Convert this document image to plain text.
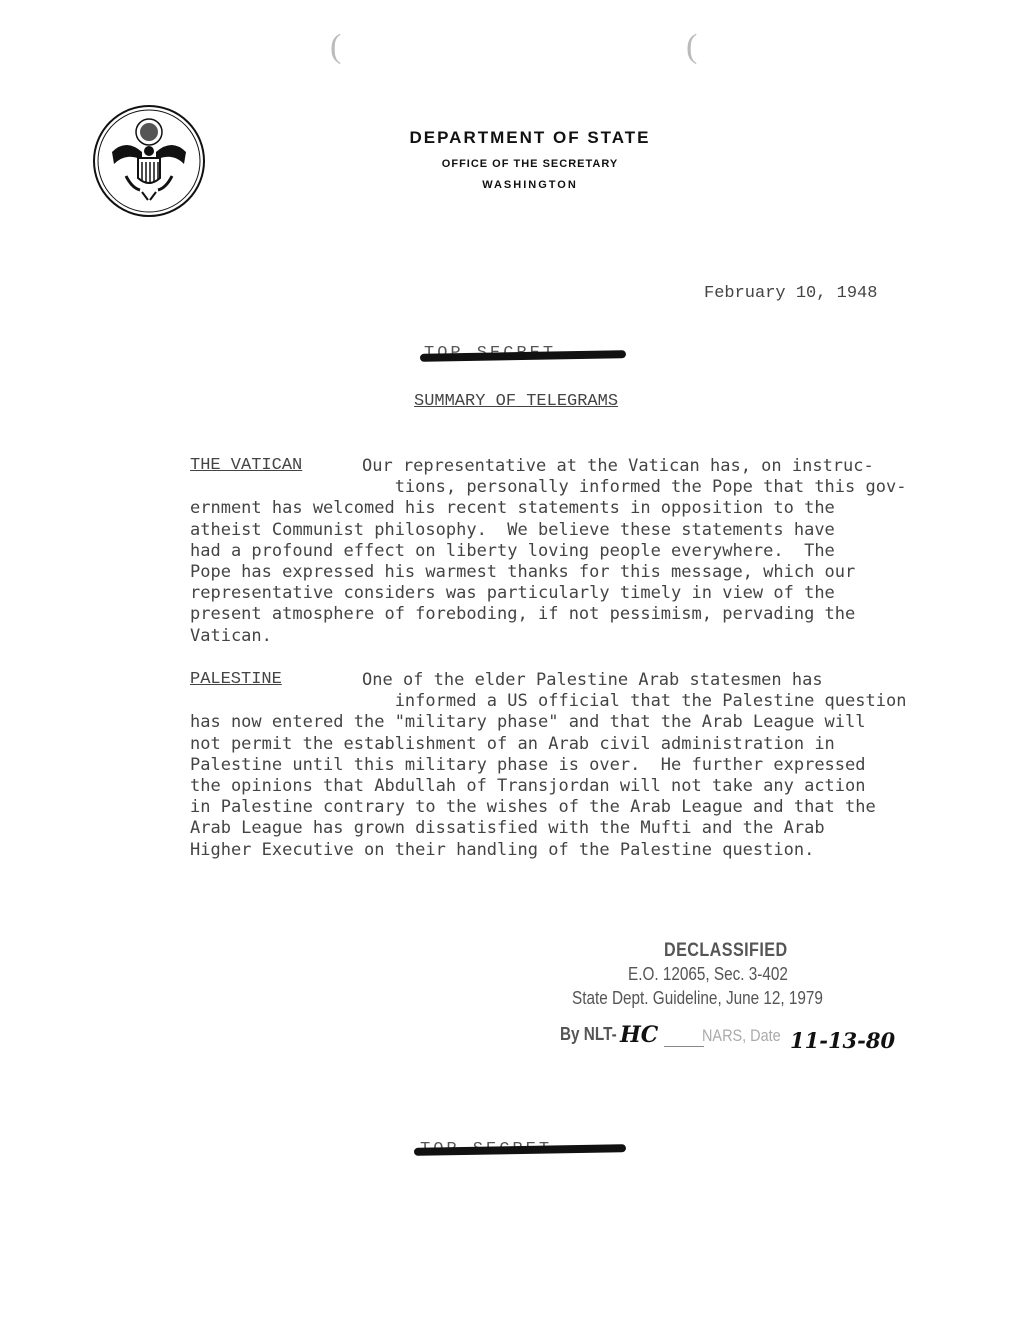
(	(
DEPARTMENT OF STATE
OFFICE OF THE SECRETARY
WASHINGTON
February 10, 1948
SUMMARY OF TELEGRAMS
THE VATICAN	Our representative at the Vatican has, on instruc-
tions, personally informed the Pope that this gov-
ernment has welcomed his recent statements in opposition to the
atheist Communist philosophy.  We believe these statements have
had a profound effect on liberty loving people everywhere.  The
Pope has expressed his warmest thanks for this message, which our
representative considers was particularly timely in view of the
present atmosphere of foreboding, if not pessimism, pervading the
Vatican.
PALESTINE	One of the elder Palestine Arab statesmen has
informed a US official that the Palestine question
has now entered the "military phase" and that the Arab League will
not permit the establishment of an Arab civil administration in
Palestine until this military phase is over.  He further expressed
the opinions that Abdullah of Transjordan will not take any action
in Palestine contrary to the wishes of the Arab League and that the
Arab League has grown dissatisfied with the Mufti and the Arab
Higher Executive on their handling of the Palestine question.
DECLASSIFIED
E.O. 12065, Sec. 3-402
State Dept. Guideline, June 12, 1979
By NLT- HC	NARS, Date 11-13-80
